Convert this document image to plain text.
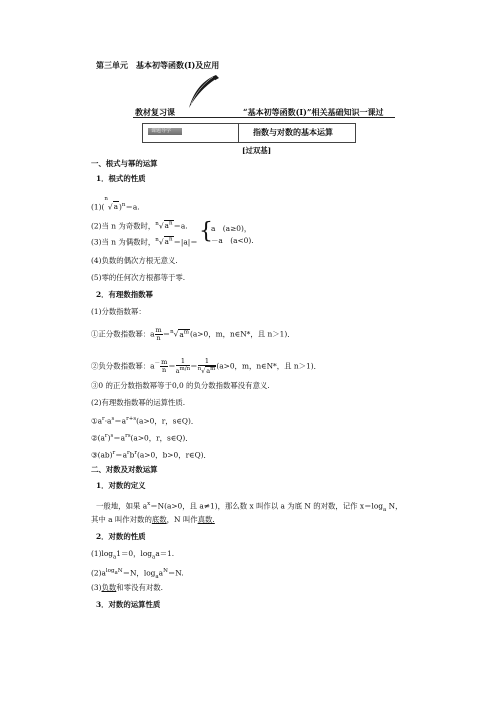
第三单元　基本初等函数(Ⅰ)及应用
教材复习课	“基本初等函数(Ⅰ)”相关基础知识一课过
课题导学	指数与对数的基本运算
[过双基]
一、根式与幂的运算
1．根式的性质
$(1)(^n√a)^n=a$.
(2)当 n 为奇数时，$^n√a^n=a$.
(3)当 n 为偶数时，$^n√a^n=|a|=$ {
a　(a≥0)，
－a　(a<0).
(4)负数的偶次方根无意义.
(5)零的任何次方根都等于零.
2．有理数指数幂
(1)分数指数幂：
①正分数指数幂：a $\frac{m}{n} =^n√a^m(a>0$，m，n∈N*，且 n＞1)．
②负分数指数幂：$a^- \frac{m}{n} = \frac{1}{a^{m/n}} = \frac{1}{^n√a^m} (a>0$，m，n∈N*，且 n＞1)．
③0 的正分数指数幂等于0,0 的负分数指数幂没有意义.
(2)有理数指数幂的运算性质.
$①a^r\cdot a^s=a^{r+s}(a>0$，r，s∈Q)．
$②(a^r)^s=a^{rs}(a>0$，r，s∈Q)．
$③(ab)^r=a^rb^r(a>0$，b>0，r∈Q)．
二、对数及对数运算
1．对数的定义
一般地，如果 $a^x=N(a>0$，且 a≠1)，那么数 x 叫作以 a 为底 N 的对数，记作 $x=\log_a$ N，
其中 a 叫作对数的底数，N 叫作真数.
2．对数的性质
$(1)\log_a1=0$，$\log_aa=1$.
$(2)a^{logaN}=N$，$\log_aa^N=N$.
(3)负数和零没有对数.
3．对数的运算性质
